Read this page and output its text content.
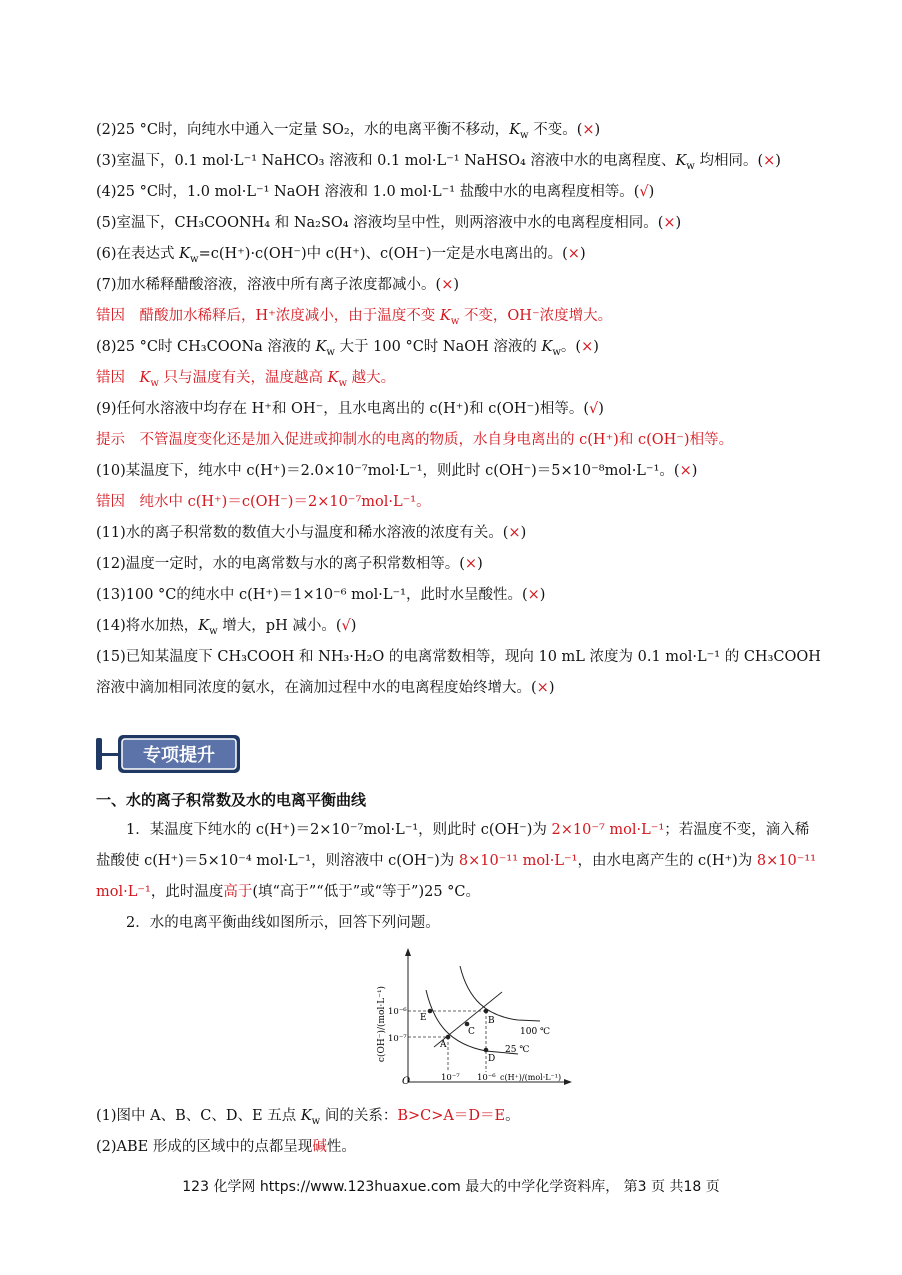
(2)25 °C时，向纯水中通入一定量 SO₂，水的电离平衡不移动，$K_w$ 不变。(×)
(3)室温下，0.1 mol·L⁻¹ NaHCO₃ 溶液和 0.1 mol·L⁻¹ NaHSO₄ 溶液中水的电离程度、$K_w$ 均相同。(×)
(4)25 °C时，1.0 mol·L⁻¹ NaOH 溶液和 1.0 mol·L⁻¹ 盐酸中水的电离程度相等。(√)
(5)室温下，CH₃COONH₄ 和 Na₂SO₄ 溶液均呈中性，则两溶液中水的电离程度相同。(×)
(6)在表达式 $K_w=c(H^+)\cdot c(OH^-)$中 c(H⁺)、c(OH⁻)一定是水电离出的。(×)
(7)加水稀释醋酸溶液，溶液中所有离子浓度都减小。(×)
错因　醋酸加水稀释后，H⁺浓度减小，由于温度不变 $K_w$ 不变，OH⁻浓度增大。
(8)25 °C时 CH₃COONa 溶液的 $K_w$ 大于 100 °C时 NaOH 溶液的 $K_w$。(×)
错因　$K_w$ 只与温度有关，温度越高 $K_w$ 越大。
(9)任何水溶液中均存在 H⁺和 OH⁻，且水电离出的 c(H⁺)和 c(OH⁻)相等。(√)
提示　不管温度变化还是加入促进或抑制水的电离的物质，水自身电离出的 c(H⁺)和 c(OH⁻)相等。
(10)某温度下，纯水中 c(H⁺)＝2.0×10⁻⁷mol·L⁻¹，则此时 c(OH⁻)＝5×10⁻⁸mol·L⁻¹。(×)
错因　纯水中 c(H⁺)＝c(OH⁻)＝2×10⁻⁷mol·L⁻¹。
(11)水的离子积常数的数值大小与温度和稀水溶液的浓度有关。(×)
(12)温度一定时，水的电离常数与水的离子积常数相等。(×)
(13)100 °C的纯水中 c(H⁺)＝1×10⁻⁶ mol·L⁻¹，此时水呈酸性。(×)
(14)将水加热，$K_w$ 增大，pH 减小。(√)
(15)已知某温度下 CH₃COOH 和 NH₃·H₂O 的电离常数相等，现向 10 mL 浓度为 0.1 mol·L⁻¹ 的 CH₃COOH
溶液中滴加相同浓度的氨水，在滴加过程中水的电离程度始终增大。(×)
专项提升
一、水的离子积常数及水的电离平衡曲线
1．某温度下纯水的 c(H⁺)＝2×10⁻⁷mol·L⁻¹，则此时 c(OH⁻)为 2×10⁻⁷ mol·L⁻¹；若温度不变，滴入稀
盐酸使 c(H⁺)＝5×10⁻⁴ mol·L⁻¹，则溶液中 c(OH⁻)为 8×10⁻¹¹ mol·L⁻¹，由水电离产生的 c(H⁺)为 8×10⁻¹¹
mol·L⁻¹，此时温度高于(填“高于”“低于”或“等于”)25 °C。
2．水的电离平衡曲线如图所示，回答下列问题。
(1)图中 A、B、C、D、E 五点 $K_w$ 间的关系：B>C>A＝D＝E。
(2)ABE 形成的区域中的点都呈现碱性。
c(OH⁻)/(mol·L⁻¹)
O
10⁻⁶
10⁻⁷
10⁻⁷ 10⁻⁶ c(H⁺)/(mol·L⁻¹)
100 ℃
25 ℃
A
B
C
D
E
123 化学网 https://www.123huaxue.com 最大的中学化学资料库， 第3 页 共18 页
